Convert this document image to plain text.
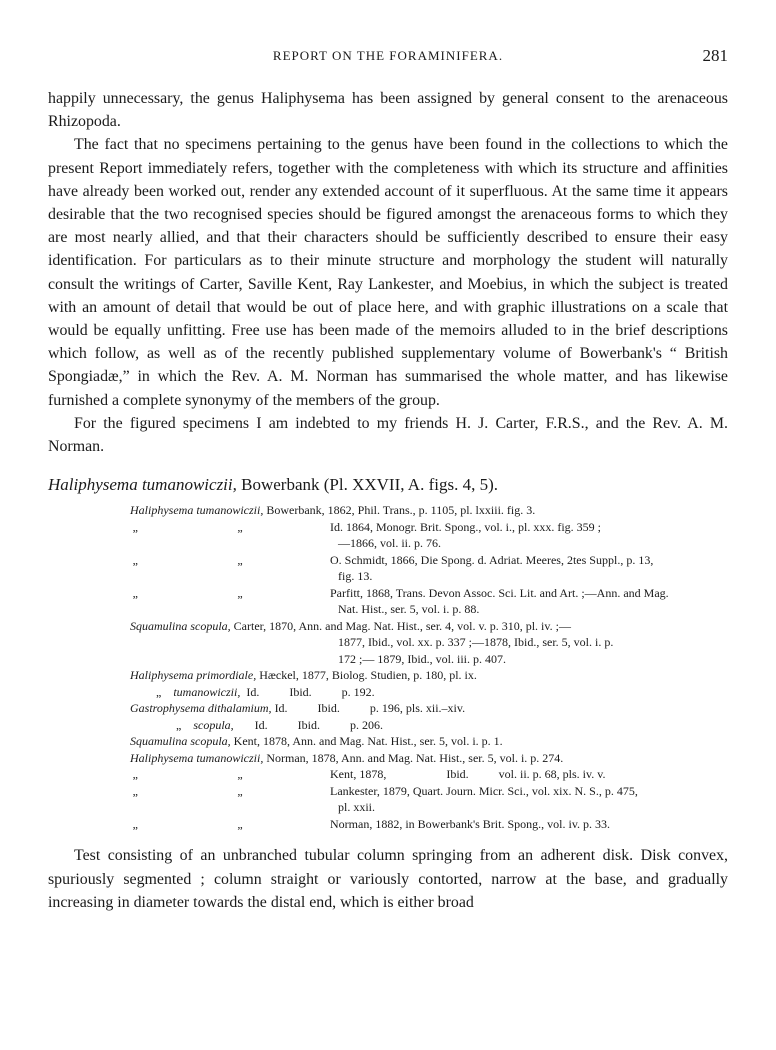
REPORT ON THE FORAMINIFERA.	281

happily unnecessary, the genus Haliphysema has been assigned by general consent to the arenaceous Rhizopoda.

The fact that no specimens pertaining to the genus have been found in the collections to which the present Report immediately refers, together with the completeness with which its structure and affinities have already been worked out, render any extended account of it superfluous. At the same time it appears desirable that the two recognised species should be figured amongst the arenaceous forms to which they are most nearly allied, and that their characters should be sufficiently described to ensure their easy identification. For particulars as to their minute structure and morphology the student will naturally consult the writings of Carter, Saville Kent, Ray Lankester, and Moebius, in which the subject is treated with an amount of detail that would be out of place here, and with graphic illustrations on a scale that would be equally unfitting. Free use has been made of the memoirs alluded to in the brief descriptions which follow, as well as of the recently published supplementary volume of Bowerbank's “ British Spongiadæ,” in which the Rev. A. M. Norman has summarised the whole matter, and has likewise furnished a complete synonymy of the members of the group.

For the figured specimens I am indebted to my friends H. J. Carter, F.R.S., and the Rev. A. M. Norman.

Haliphysema tumanowiczii, Bowerbank (Pl. XXVII, A. figs. 4, 5).

Haliphysema tumanowiczii, Bowerbank, 1862, Phil. Trans., p. 1105, pl. lxxiii. fig. 3.
„	„	Id. 1864, Monogr. Brit. Spong., vol. i., pl. xxx. fig. 359 ;
—1866, vol. ii. p. 76.
„	„	O. Schmidt, 1866, Die Spong. d. Adriat. Meeres, 2tes Suppl., p. 13,
fig. 13.
„	„	Parfitt, 1868, Trans. Devon Assoc. Sci. Lit. and Art. ;—Ann. and Mag.
Nat. Hist., ser. 5, vol. i. p. 88.
Squamulina scopula, Carter, 1870, Ann. and Mag. Nat. Hist., ser. 4, vol. v. p. 310, pl. iv. ;—
1877, Ibid., vol. xx. p. 337 ;—1878, Ibid., ser. 5, vol. i. p.
172 ;— 1879, Ibid., vol. iii. p. 407.
Haliphysema primordiale, Hæckel, 1877, Biolog. Studien, p. 180, pl. ix.
„ tumanowiczii,  Id.          Ibid.          p. 192.
Gastrophysema dithalamium, Id.          Ibid.          p. 196, pls. xii.–xiv.
„ scopula,       Id.          Ibid.          p. 206.
Squamulina scopula, Kent, 1878, Ann. and Mag. Nat. Hist., ser. 5, vol. i. p. 1.
Haliphysema tumanowiczii, Norman, 1878, Ann. and Mag. Nat. Hist., ser. 5, vol. i. p. 274.
„	„	Kent, 1878,                    Ibid.          vol. ii. p. 68, pls. iv. v.
„	„	Lankester, 1879, Quart. Journ. Micr. Sci., vol. xix. N. S., p. 475,
pl. xxii.
„	„	Norman, 1882, in Bowerbank's Brit. Spong., vol. iv. p. 33.

Test consisting of an unbranched tubular column springing from an adherent disk. Disk convex, spuriously segmented ; column straight or variously contorted, narrow at the base, and gradually increasing in diameter towards the distal end, which is either broad
